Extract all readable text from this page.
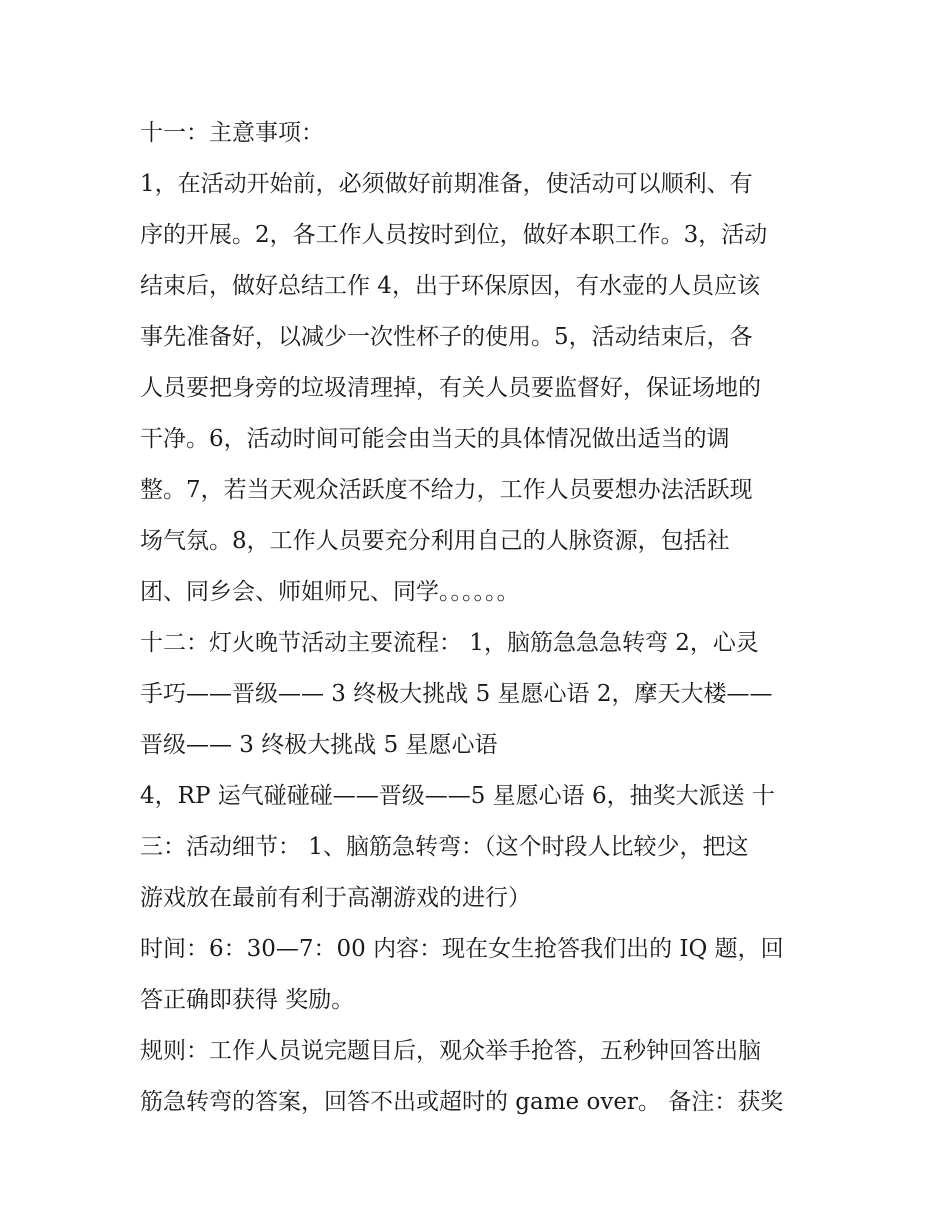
十一：主意事项：

1，在活动开始前，必须做好前期准备，使活动可以顺利、有

序的开展。2，各工作人员按时到位，做好本职工作。3，活动

结束后，做好总结工作 4，出于环保原因，有水壶的人员应该

事先准备好，以减少一次性杯子的使用。5，活动结束后，各

人员要把身旁的垃圾清理掉，有关人员要监督好，保证场地的

干净。6，活动时间可能会由当天的具体情况做出适当的调

整。7，若当天观众活跃度不给力，工作人员要想办法活跃现

场气氛。8，工作人员要充分利用自己的人脉资源，包括社

团、同乡会、师姐师兄、同学。。。。。。

十二：灯火晚节活动主要流程： 1，脑筋急急急转弯 2，心灵

手巧——晋级—— 3 终极大挑战 5 星愿心语 2，摩天大楼——

晋级—— 3 终极大挑战 5 星愿心语

4，RP 运气碰碰碰——晋级——5 星愿心语 6，抽奖大派送 十

三：活动细节： 1、脑筋急转弯：（这个时段人比较少，把这

游戏放在最前有利于高潮游戏的进行）

时间：6：30—7：00 内容：现在女生抢答我们出的 IQ 题，回

答正确即获得 奖励。

规则：工作人员说完题目后，观众举手抢答，五秒钟回答出脑

筋急转弯的答案，回答不出或超时的 game over。 备注：获奖
